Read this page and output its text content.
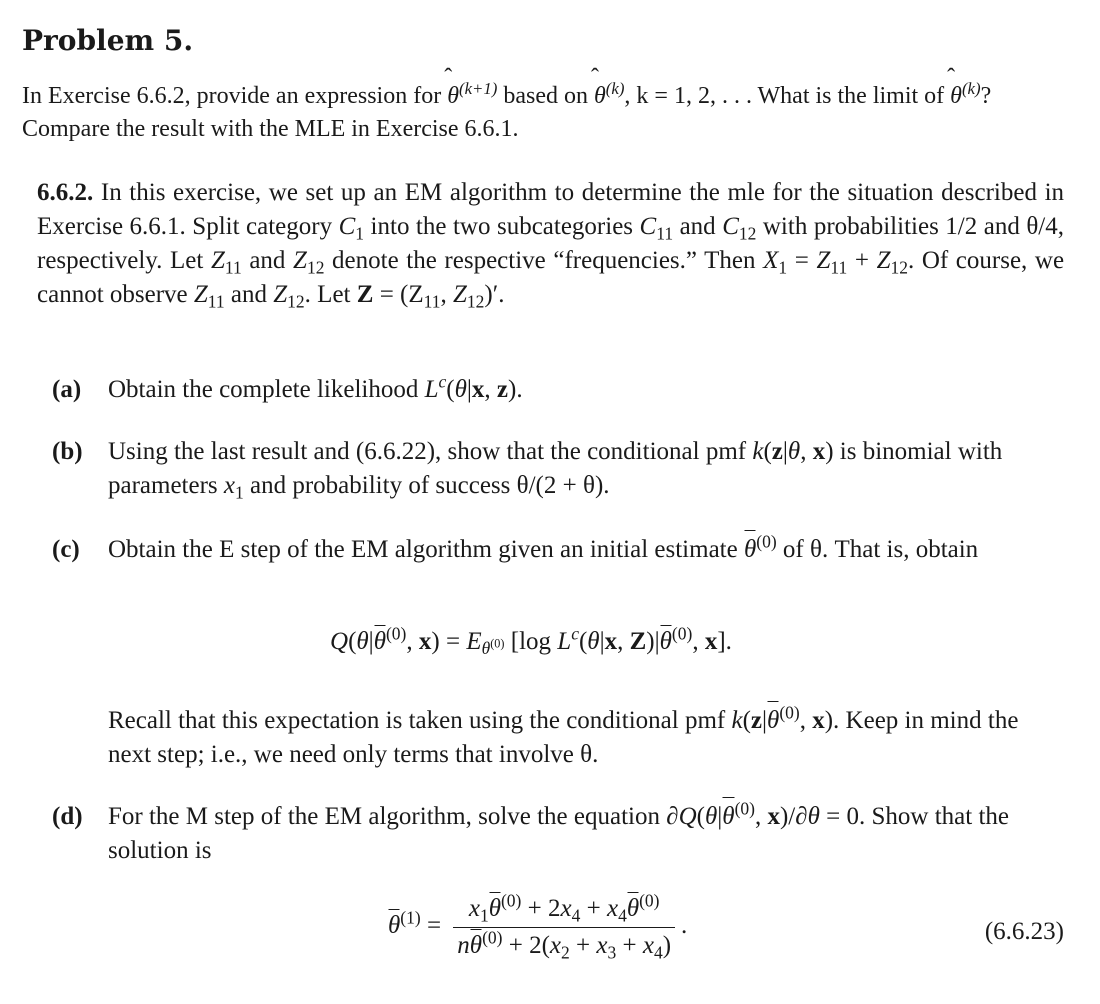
Problem 5.
In Exercise 6.6.2, provide an expression for ̂ $\theta^{(k+1)}$ based on ̂ $\theta^{(k)}$, k = 1, 2, . . . What is the limit of ̂ $\theta^{(k)}$? Compare the result with the MLE in Exercise 6.6.1.
6.6.2. In this exercise, we set up an EM algorithm to determine the mle for the situation described in Exercise 6.6.1. Split category $C_1$ into the two subcategories $C_{11}$ and $C_{12}$ with probabilities 1/2 and θ/4, respectively. Let $Z_{11}$ and $Z_{12}$ denote the respective “frequencies.” Then $X_1 = Z_{11} + Z_{12}$. Of course, we cannot observe $Z_{11}$ and $Z_{12}$. Let $Z = (Z_{11}$, $Z_{12})'$.
(a) Obtain the complete likelihood $L^c(\theta|x$, z).
(b) Using the last result and (6.6.22), show that the conditional pmf k(z|θ, x) is binomial with parameters $x_1$ and probability of success θ/(2 + θ).
(c) Obtain the E step of the EM algorithm given an initial estimate $\theta^{(0)}$ of θ. That is, obtain
$Q(\theta|\theta^{(0)}$, $x) = E_{\theta^{(0)}}$ [log $L^c(\theta|x$, $Z)|\theta^{(0)}$, x].
Recall that this expectation is taken using the conditional pmf $k(z|\theta^{(0)}$, x). Keep in mind the next step; i.e., we need only terms that involve θ.
(d) For the M step of the EM algorithm, solve the equation $\partial Q(\theta|\theta^{(0)}$, x)/∂θ = 0. Show that the solution is
$\theta^{(1)} = \frac{x_1\theta^{(0)} + 2x_4 + x_4\theta^{(0)}}{n\theta^{(0)} + 2(x_2 + x_3 + x_4)}$ .	(6.6.23)
